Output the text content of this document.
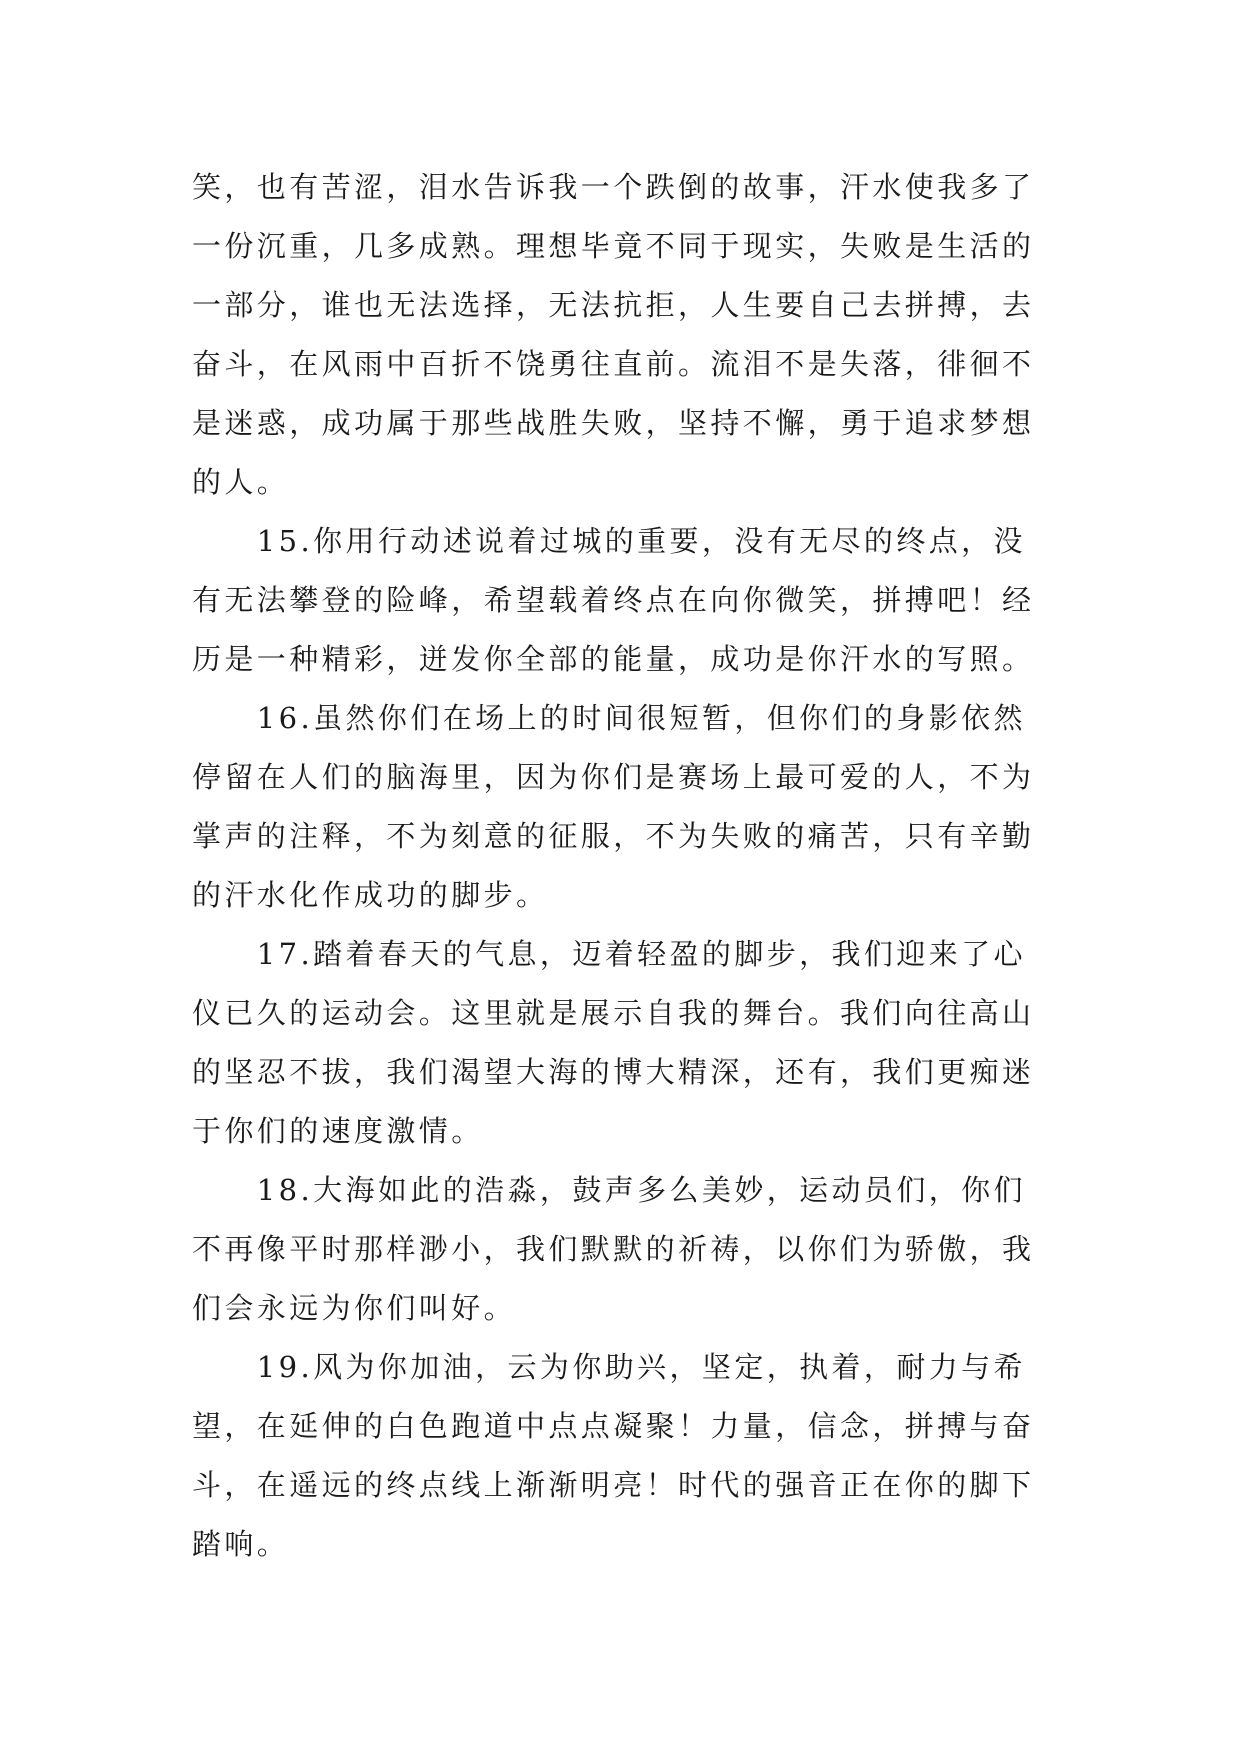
笑，也有苦涩，泪水告诉我一个跌倒的故事，汗水使我多了
一份沉重，几多成熟。理想毕竟不同于现实，失败是生活的
一部分，谁也无法选择，无法抗拒，人生要自己去拼搏，去
奋斗，在风雨中百折不饶勇往直前。流泪不是失落，徘徊不
是迷惑，成功属于那些战胜失败，坚持不懈，勇于追求梦想
的人。
　　15.你用行动述说着过城的重要，没有无尽的终点，没
有无法攀登的险峰，希望载着终点在向你微笑，拼搏吧！经
历是一种精彩，迸发你全部的能量，成功是你汗水的写照。
　　16.虽然你们在场上的时间很短暂，但你们的身影依然
停留在人们的脑海里，因为你们是赛场上最可爱的人，不为
掌声的注释，不为刻意的征服，不为失败的痛苦，只有辛勤
的汗水化作成功的脚步。
　　17.踏着春天的气息，迈着轻盈的脚步，我们迎来了心
仪已久的运动会。这里就是展示自我的舞台。我们向往高山
的坚忍不拔，我们渴望大海的博大精深，还有，我们更痴迷
于你们的速度激情。
　　18.大海如此的浩淼，鼓声多么美妙，运动员们，你们
不再像平时那样渺小，我们默默的祈祷，以你们为骄傲，我
们会永远为你们叫好。
　　19.风为你加油，云为你助兴，坚定，执着，耐力与希
望，在延伸的白色跑道中点点凝聚！力量，信念，拼搏与奋
斗，在遥远的终点线上渐渐明亮！时代的强音正在你的脚下
踏响。
